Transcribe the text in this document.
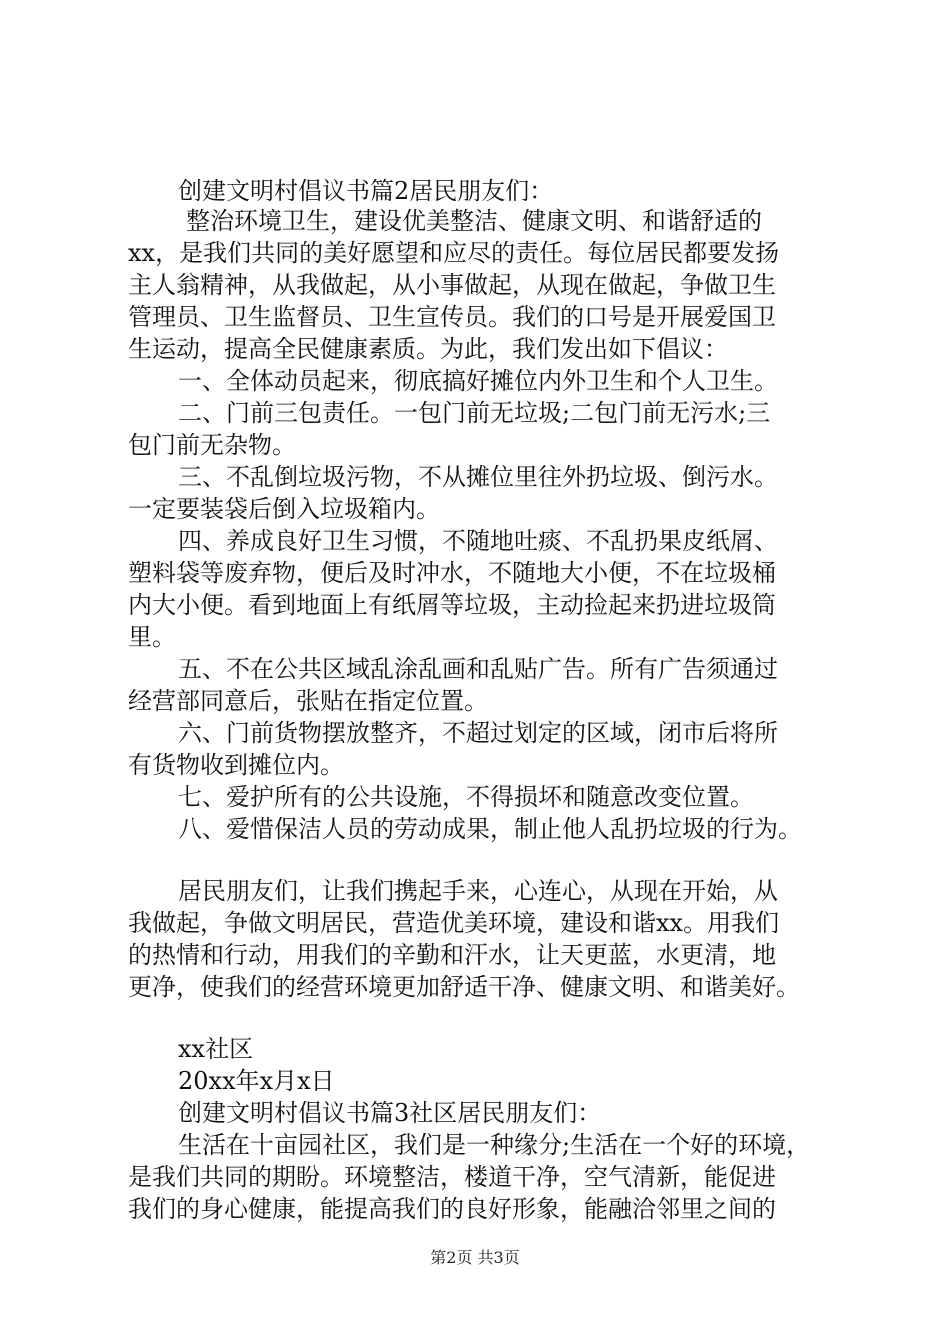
创建文明村倡议书篇2居民朋友们：
整治环境卫生，建设优美整洁、健康文明、和谐舒适的
xx，是我们共同的美好愿望和应尽的责任。每位居民都要发扬
主人翁精神，从我做起，从小事做起，从现在做起，争做卫生
管理员、卫生监督员、卫生宣传员。我们的口号是开展爱国卫
生运动，提高全民健康素质。为此，我们发出如下倡议：
一、全体动员起来，彻底搞好摊位内外卫生和个人卫生。
二、门前三包责任。一包门前无垃圾;二包门前无污水;三
包门前无杂物。
三、不乱倒垃圾污物，不从摊位里往外扔垃圾、倒污水。
一定要装袋后倒入垃圾箱内。
四、养成良好卫生习惯，不随地吐痰、不乱扔果皮纸屑、
塑料袋等废弃物，便后及时冲水，不随地大小便，不在垃圾桶
内大小便。看到地面上有纸屑等垃圾，主动捡起来扔进垃圾筒
里。
五、不在公共区域乱涂乱画和乱贴广告。所有广告须通过
经营部同意后，张贴在指定位置。
六、门前货物摆放整齐，不超过划定的区域，闭市后将所
有货物收到摊位内。
七、爱护所有的公共设施，不得损坏和随意改变位置。
八、爱惜保洁人员的劳动成果，制止他人乱扔垃圾的行为。
居民朋友们，让我们携起手来，心连心，从现在开始，从
我做起，争做文明居民，营造优美环境，建设和谐xx。用我们
的热情和行动，用我们的辛勤和汗水，让天更蓝，水更清，地
更净，使我们的经营环境更加舒适干净、健康文明、和谐美好。
xx社区
20xx年x月x日
创建文明村倡议书篇3社区居民朋友们：
生活在十亩园社区，我们是一种缘分;生活在一个好的环境，
是我们共同的期盼。环境整洁，楼道干净，空气清新，能促进
我们的身心健康，能提高我们的良好形象，能融洽邻里之间的
第2页 共3页
